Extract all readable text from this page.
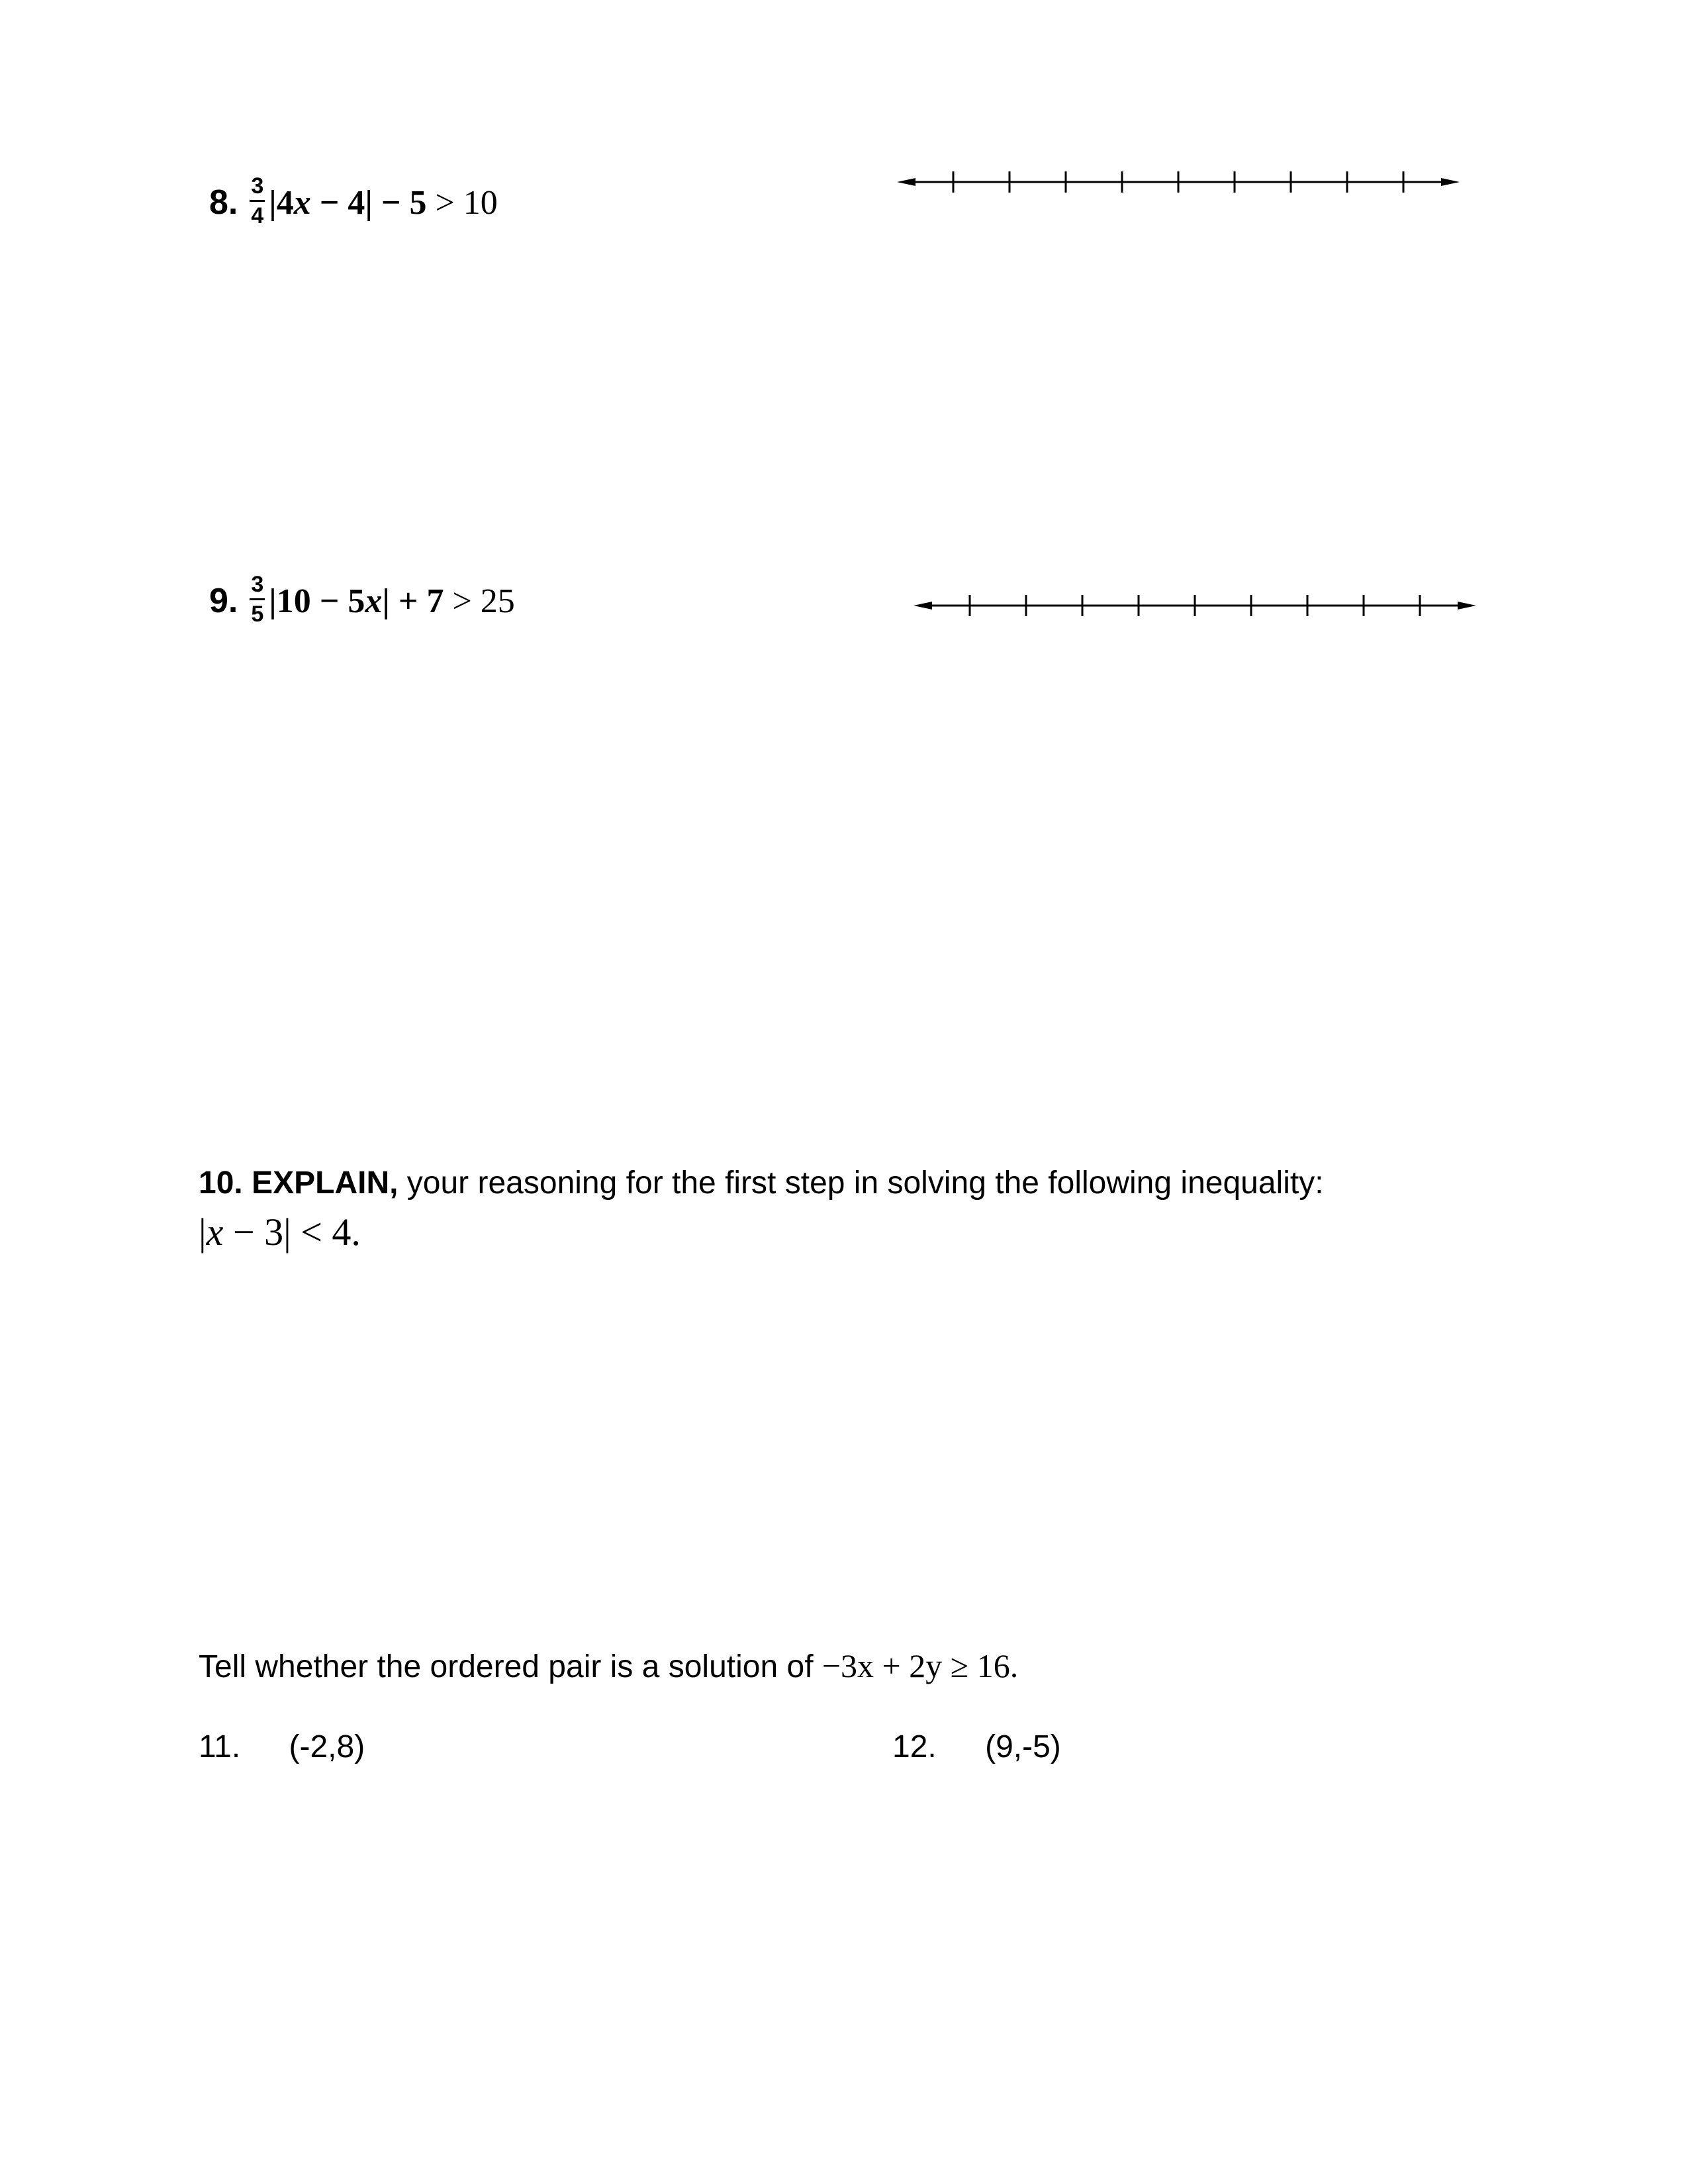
8. $\frac{3}{4} |4x - 4| - 5 > 10$
9. $\frac{3}{5} |10 - 5x| + 7 > 25$
10. EXPLAIN, your reasoning for the first step in solving the following inequality:
|x − 3| < 4.
Tell whether the ordered pair is a solution of −3x + 2y ≥ 16.
11. (-2,8)	12. (9,-5)
